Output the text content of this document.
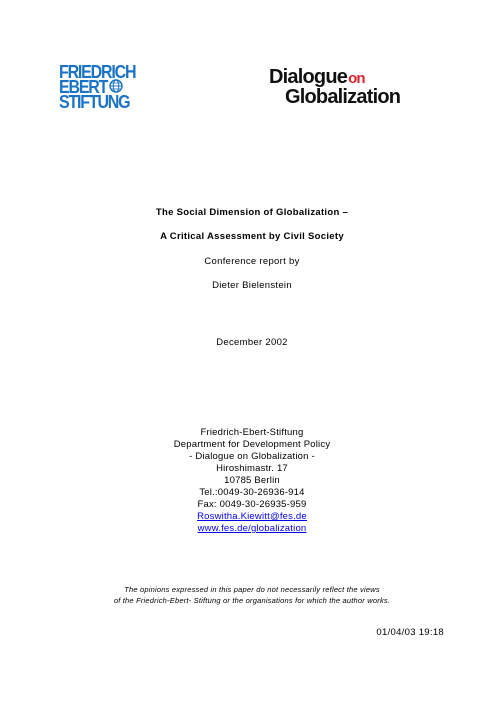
FRIEDRICH
EBERT
STIFTUNG
Dialogueon
Globalization
The Social Dimension of Globalization –
A Critical Assessment by Civil Society
Conference report by
Dieter Bielenstein
December 2002
Friedrich-Ebert-Stiftung
Department for Development Policy
- Dialogue on Globalization -
Hiroshimastr. 17
10785 Berlin
Tel.:0049-30-26936-914
Fax: 0049-30-26935-959
Roswitha.Kiewitt@fes.de
www.fes.de/globalization
The opinions expressed in this paper do not necessarily reflect the views
of the Friedrich-Ebert- Stiftung or the organisations for which the author works.
01/04/03 19:18
